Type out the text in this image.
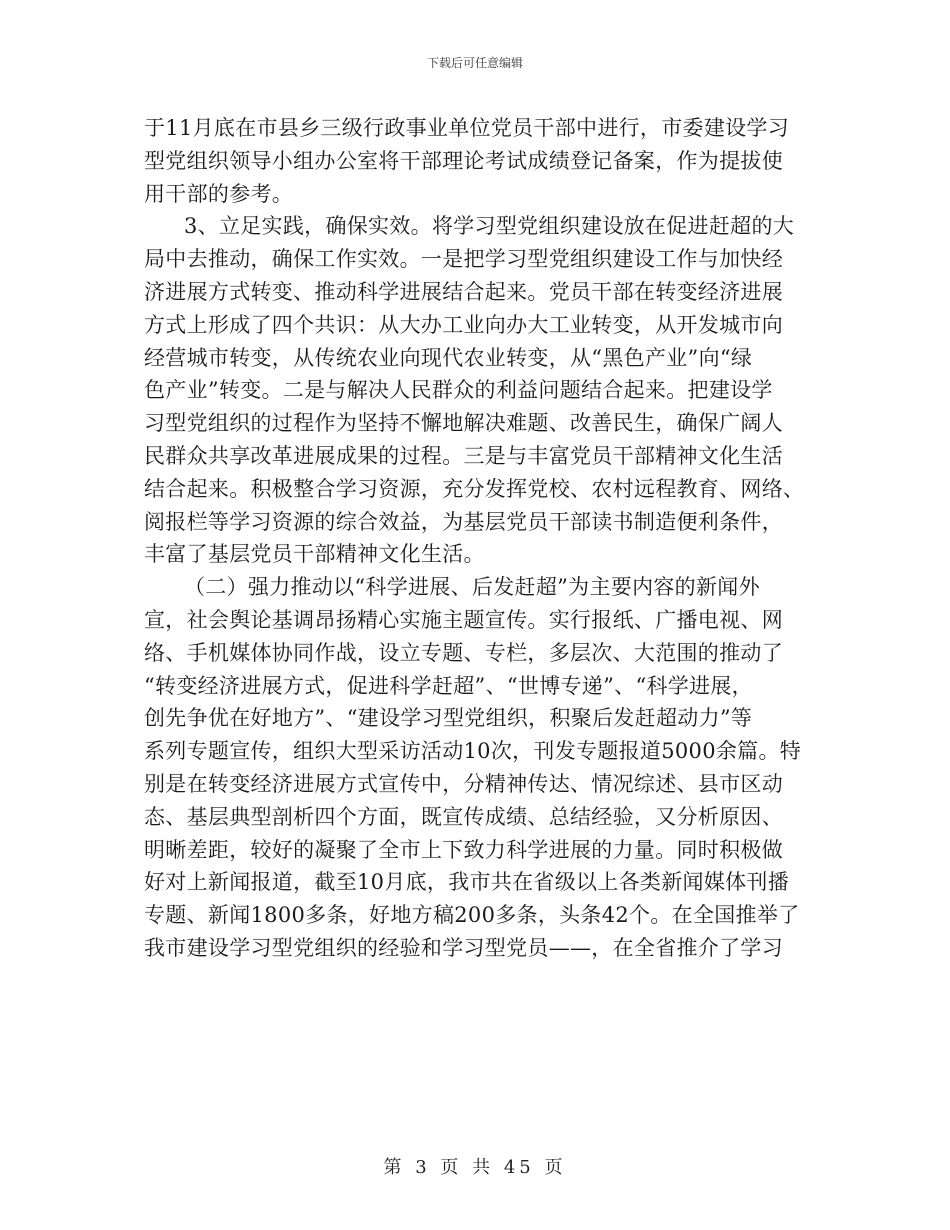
下载后可任意编辑
于11月底在市县乡三级行政事业单位党员干部中进行，市委建设学习
型党组织领导小组办公室将干部理论考试成绩登记备案，作为提拔使
用干部的参考。
3、立足实践，确保实效。将学习型党组织建设放在促进赶超的大
局中去推动，确保工作实效。一是把学习型党组织建设工作与加快经
济进展方式转变、推动科学进展结合起来。党员干部在转变经济进展
方式上形成了四个共识：从大办工业向办大工业转变，从开发城市向
经营城市转变，从传统农业向现代农业转变，从“黑色产业”向“绿
色产业”转变。二是与解决人民群众的利益问题结合起来。把建设学
习型党组织的过程作为坚持不懈地解决难题、改善民生，确保广阔人
民群众共享改革进展成果的过程。三是与丰富党员干部精神文化生活
结合起来。积极整合学习资源，充分发挥党校、农村远程教育、网络、
阅报栏等学习资源的综合效益，为基层党员干部读书制造便利条件，
丰富了基层党员干部精神文化生活。
（二）强力推动以“科学进展、后发赶超”为主要内容的新闻外
宣，社会舆论基调昂扬精心实施主题宣传。实行报纸、广播电视、网
络、手机媒体协同作战，设立专题、专栏，多层次、大范围的推动了
“转变经济进展方式，促进科学赶超”、“世博专递”、“科学进展，
创先争优在好地方”、“建设学习型党组织，积聚后发赶超动力”等
系列专题宣传，组织大型采访活动10次，刊发专题报道5000余篇。特
别是在转变经济进展方式宣传中，分精神传达、情况综述、县市区动
态、基层典型剖析四个方面，既宣传成绩、总结经验，又分析原因、
明晰差距，较好的凝聚了全市上下致力科学进展的力量。同时积极做
好对上新闻报道，截至10月底，我市共在省级以上各类新闻媒体刊播
专题、新闻1800多条，好地方稿200多条，头条42个。在全国推举了
我市建设学习型党组织的经验和学习型党员——，在全省推介了学习
第 3 页 共 45 页
